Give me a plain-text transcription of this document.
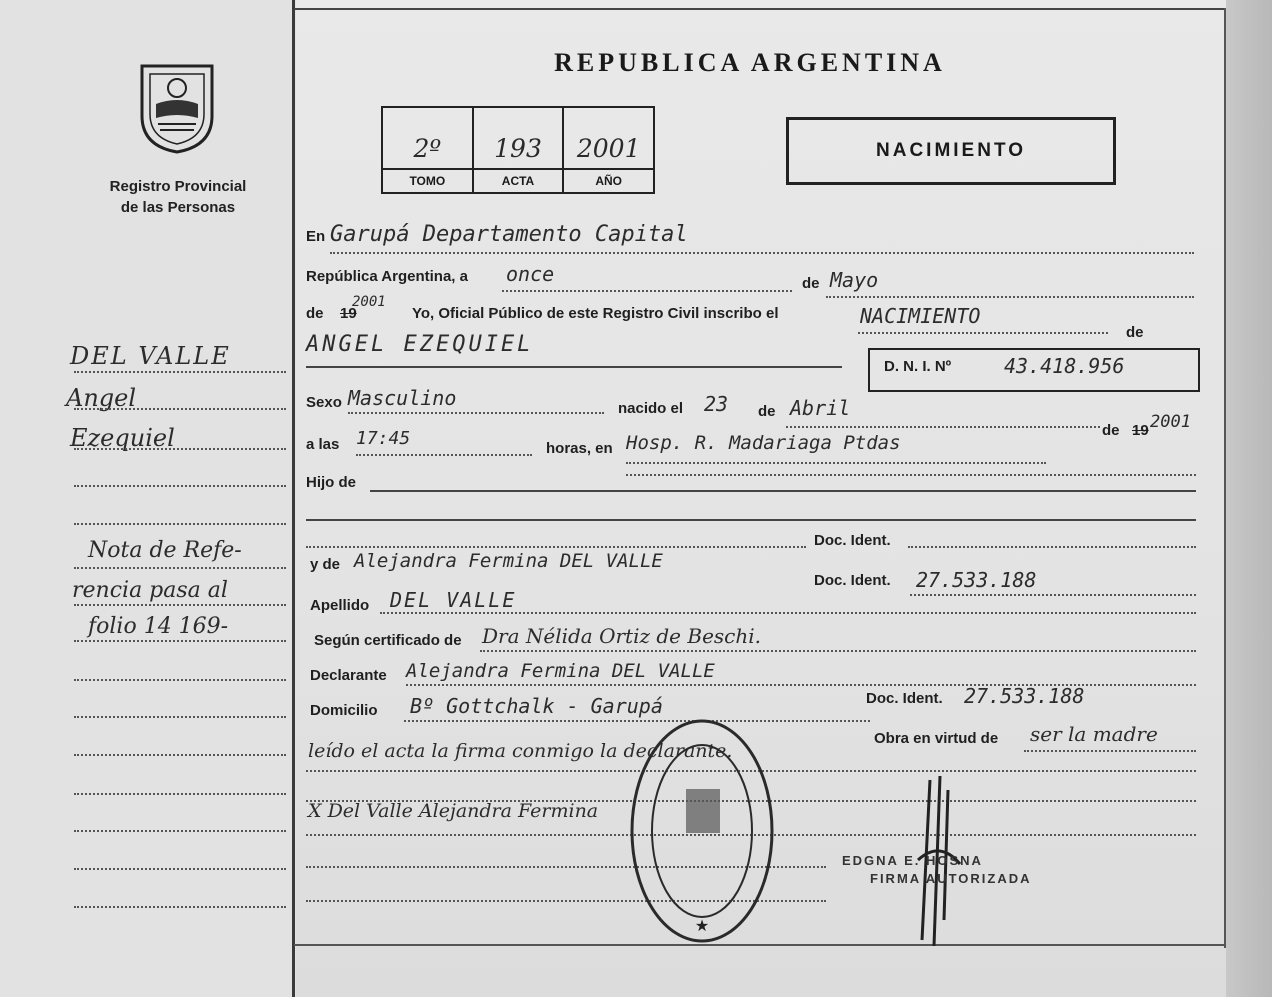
Registro Provincial
de las Personas
DEL VALLE
Angel
Ezequiel
Nota de Refe-
rencia pasa al
folio 14 169-
REPUBLICA ARGENTINA
2º
TOMO
193
ACTA
2001
AÑO
NACIMIENTO
En Garupá Departamento Capital
República Argentina, a once	de Mayo
de 19
2001
Yo, Oficial Público de este Registro Civil inscribo el	NACIMIENTO
de
ANGEL EZEQUIEL
D. N. I. Nº	43.418.956
Sexo Masculino	nacido el 23 de Abril
a las 17:45	horas, en Hosp. R. Madariaga Ptdas
de 19 2001
Hijo de
Doc. Ident.
y de Alejandra Fermina DEL VALLE
Doc. Ident. 27.533.188
Apellido DEL VALLE
Según certificado de Dra Nélida Ortiz de Beschi.
Declarante Alejandra Fermina DEL VALLE
Doc. Ident. 27.533.188
Domicilio Bº Gottchalk - Garupá
Obra en virtud de ser la madre
leído el acta la firma conmigo la declarante.
X Del Valle Alejandra Fermina
★
EDGNA E. HOSNA
FIRMA AUTORIZADA
